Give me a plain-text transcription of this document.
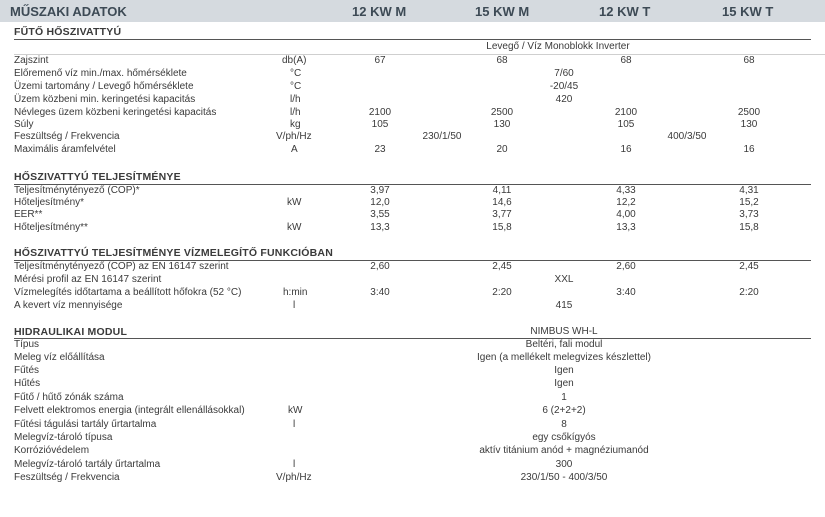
MŰSZAKI ADATOK	12 KW M	15 KW M	12 KW T	15 KW T
FŰTŐ HŐSZIVATTYÚ
Levegő / Víz Monoblokk Inverter
Zajszint	db(A)	67	68	68	68
Előremenő víz min./max. hőmérséklete	°C	7/60
Üzemi tartomány / Levegő hőmérséklete	°C	-20/45
Üzem közbeni min. keringetési kapacitás	l/h	420
Névleges üzem közbeni keringetési kapacitás	l/h	2100	2500	2100	2500
Súly	kg	105	130	105	130
Feszültség / Frekvencia	V/ph/Hz	230/1/50	400/3/50
Maximális áramfelvétel	A	23	20	16	16
HŐSZIVATTYÚ TELJESÍTMÉNYE
Teljesítménytényező (COP)*	3,97	4,11	4,33	4,31
Hőteljesítmény*	kW	12,0	14,6	12,2	15,2
EER**	3,55	3,77	4,00	3,73
Hőteljesítmény**	kW	13,3	15,8	13,3	15,8
HŐSZIVATTYÚ TELJESÍTMÉNYE VÍZMELEGÍTŐ FUNKCIÓBAN
Teljesítménytényező (COP) az EN 16147 szerint	2,60	2,45	2,60	2,45
Mérési profil az EN 16147 szerint	XXL
Vízmelegítés időtartama a beállított hőfokra (52 °C)	h:min	3:40	2:20	3:40	2:20
A kevert víz mennyisége	l	415
HIDRAULIKAI MODUL	NIMBUS WH-L
Típus	Beltéri, fali modul
Meleg víz előállítása	Igen (a mellékelt melegvizes készlettel)
Fűtés	Igen
Hűtés	Igen
Fűtő / hűtő zónák száma	1
Felvett elektromos energia (integrált ellenállásokkal)	kW	6 (2+2+2)
Fűtési tágulási tartály űrtartalma	l	8
Melegvíz-tároló típusa	egy csőkígyós
Korrózióvédelem	aktív titánium anód + magnéziumanód
Melegvíz-tároló tartály űrtartalma	l	300
Feszültség / Frekvencia	V/ph/Hz	230/1/50 - 400/3/50
